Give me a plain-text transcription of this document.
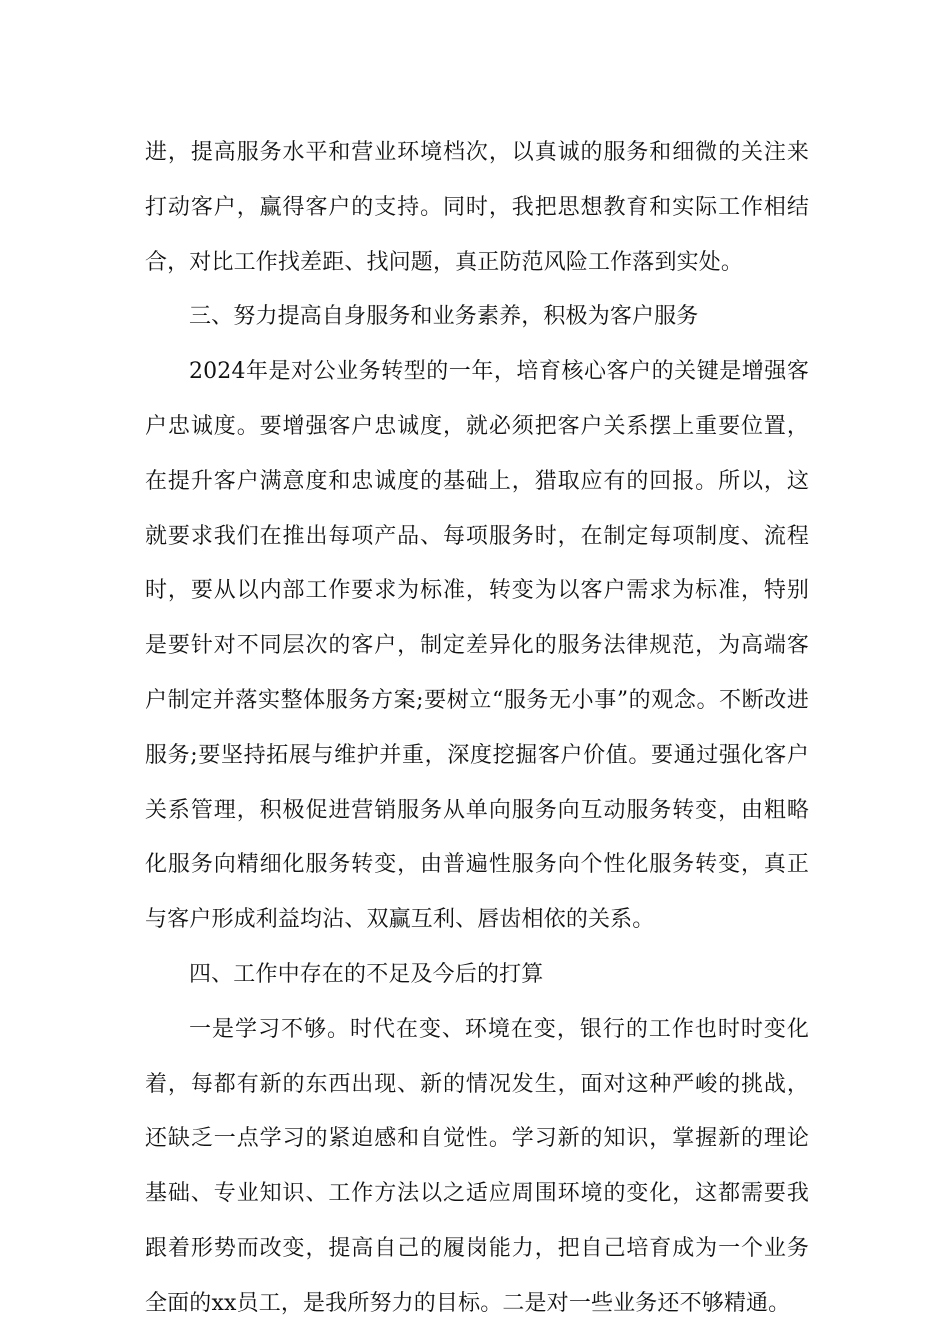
进，提高服务水平和营业环境档次，以真诚的服务和细微的关注来打动客户，赢得客户的支持。同时，我把思想教育和实际工作相结合，对比工作找差距、找问题，真正防范风险工作落到实处。

三、努力提高自身服务和业务素养，积极为客户服务

2024年是对公业务转型的一年，培育核心客户的关键是增强客户忠诚度。要增强客户忠诚度，就必须把客户关系摆上重要位置，在提升客户满意度和忠诚度的基础上，猎取应有的回报。所以，这就要求我们在推出每项产品、每项服务时，在制定每项制度、流程时，要从以内部工作要求为标准，转变为以客户需求为标准，特别是要针对不同层次的客户，制定差异化的服务法律规范，为高端客户制定并落实整体服务方案;要树立“服务无小事”的观念。不断改进服务;要坚持拓展与维护并重，深度挖掘客户价值。要通过强化客户关系管理，积极促进营销服务从单向服务向互动服务转变，由粗略化服务向精细化服务转变，由普遍性服务向个性化服务转变，真正与客户形成利益均沾、双赢互利、唇齿相依的关系。

四、工作中存在的不足及今后的打算

一是学习不够。时代在变、环境在变，银行的工作也时时变化着，每都有新的东西出现、新的情况发生，面对这种严峻的挑战，还缺乏一点学习的紧迫感和自觉性。学习新的知识，掌握新的理论基础、专业知识、工作方法以之适应周围环境的变化，这都需要我跟着形势而改变，提高自己的履岗能力，把自己培育成为一个业务全面的xx员工，是我所努力的目标。二是对一些业务还不够精通。
